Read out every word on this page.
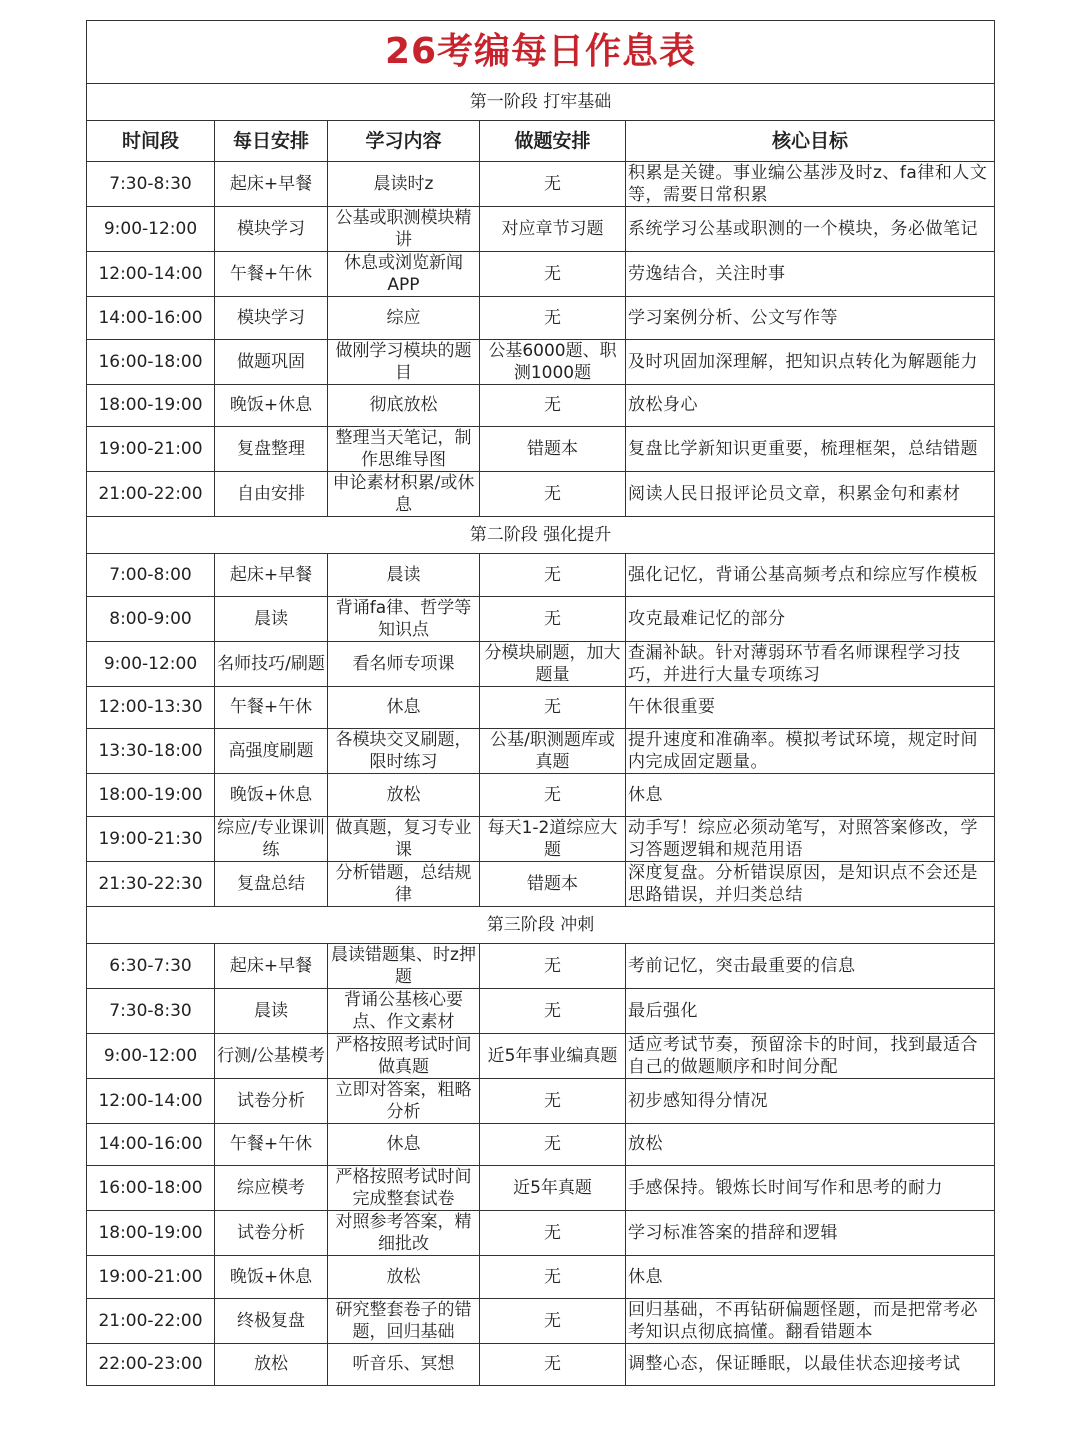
26考编每日作息表				
第一阶段 打牢基础				
时间段	每日安排	学习内容	做题安排	核心目标
7:30-8:30	起床+早餐	晨读时z	无	积累是关键。事业编公基涉及时z、fa律和人文等，需要日常积累
9:00-12:00	模块学习	公基或职测模块精讲	对应章节习题	系统学习公基或职测的一个模块，务必做笔记
12:00-14:00	午餐+午休	休息或浏览新闻APP	无	劳逸结合，关注时事
14:00-16:00	模块学习	综应	无	学习案例分析、公文写作等
16:00-18:00	做题巩固	做刚学习模块的题目	公基6000题、职测1000题	及时巩固加深理解，把知识点转化为解题能力
18:00-19:00	晚饭+休息	彻底放松	无	放松身心
19:00-21:00	复盘整理	整理当天笔记，制作思维导图	错题本	复盘比学新知识更重要，梳理框架，总结错题
21:00-22:00	自由安排	申论素材积累/或休息	无	阅读人民日报评论员文章，积累金句和素材
第二阶段 强化提升				
7:00-8:00	起床+早餐	晨读	无	强化记忆，背诵公基高频考点和综应写作模板
8:00-9:00	晨读	背诵fa律、哲学等知识点	无	攻克最难记忆的部分
9:00-12:00	名师技巧/刷题	看名师专项课	分模块刷题，加大题量	查漏补缺。针对薄弱环节看名师课程学习技巧，并进行大量专项练习
12:00-13:30	午餐+午休	休息	无	午休很重要
13:30-18:00	高强度刷题	各模块交叉刷题，限时练习	公基/职测题库或真题	提升速度和准确率。模拟考试环境，规定时间内完成固定题量。
18:00-19:00	晚饭+休息	放松	无	休息
19:00-21:30	综应/专业课训练	做真题，复习专业课	每天1-2道综应大题	动手写！综应必须动笔写，对照答案修改，学习答题逻辑和规范用语
21:30-22:30	复盘总结	分析错题，总结规律	错题本	深度复盘。分析错误原因，是知识点不会还是思路错误，并归类总结
第三阶段 冲刺				
6:30-7:30	起床+早餐	晨读错题集、时z押题	无	考前记忆，突击最重要的信息
7:30-8:30	晨读	背诵公基核心要点、作文素材	无	最后强化
9:00-12:00	行测/公基模考	严格按照考试时间做真题	近5年事业编真题	适应考试节奏，预留涂卡的时间，找到最适合自己的做题顺序和时间分配
12:00-14:00	试卷分析	立即对答案，粗略分析	无	初步感知得分情况
14:00-16:00	午餐+午休	休息	无	放松
16:00-18:00	综应模考	严格按照考试时间完成整套试卷	近5年真题	手感保持。锻炼长时间写作和思考的耐力
18:00-19:00	试卷分析	对照参考答案，精细批改	无	学习标准答案的措辞和逻辑
19:00-21:00	晚饭+休息	放松	无	休息
21:00-22:00	终极复盘	研究整套卷子的错题，回归基础	无	回归基础，不再钻研偏题怪题，而是把常考必考知识点彻底搞懂。翻看错题本
22:00-23:00	放松	听音乐、冥想	无	调整心态，保证睡眠，以最佳状态迎接考试
